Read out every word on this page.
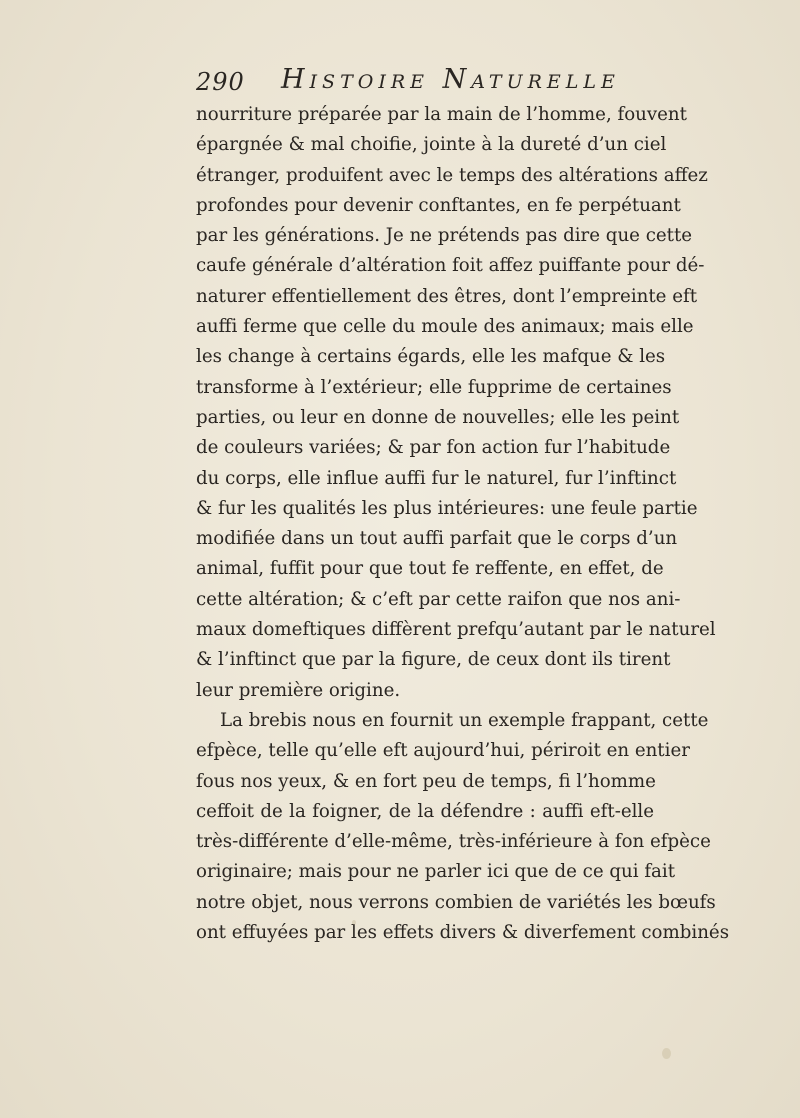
290 HISTOIRE NATURELLE
nourriture préparée par la main de l’homme, fouvent
épargnée & mal choifie, jointe à la dureté d’un ciel
étranger, produifent avec le temps des altérations affez
profondes pour devenir conftantes, en fe perpétuant
par les générations. Je ne prétends pas dire que cette
caufe générale d’altération foit affez puiffante pour dé-
naturer effentiellement des êtres, dont l’empreinte eft
auffi ferme que celle du moule des animaux; mais elle
les change à certains égards, elle les mafque & les
transforme à l’extérieur; elle fupprime de certaines
parties, ou leur en donne de nouvelles; elle les peint
de couleurs variées; & par fon action fur l’habitude
du corps, elle influe auffi fur le naturel, fur l’inftinct
& fur les qualités les plus intérieures: une feule partie
modifiée dans un tout auffi parfait que le corps d’un
animal, fuffit pour que tout fe reffente, en effet, de
cette altération; & c’eft par cette raifon que nos ani-
maux domeftiques diffèrent prefqu’autant par le naturel
& l’inftinct que par la figure, de ceux dont ils tirent
leur première origine.
La brebis nous en fournit un exemple frappant, cette
efpèce, telle qu’elle eft aujourd’hui, périroit en entier
fous nos yeux, & en fort peu de temps, fi l’homme
ceffoit de la foigner, de la défendre : auffi eft-elle
très-différente d’elle-même, très-inférieure à fon efpèce
originaire; mais pour ne parler ici que de ce qui fait
notre objet, nous verrons combien de variétés les bœufs
ont effuyées par les effets divers & diverfement combinés
